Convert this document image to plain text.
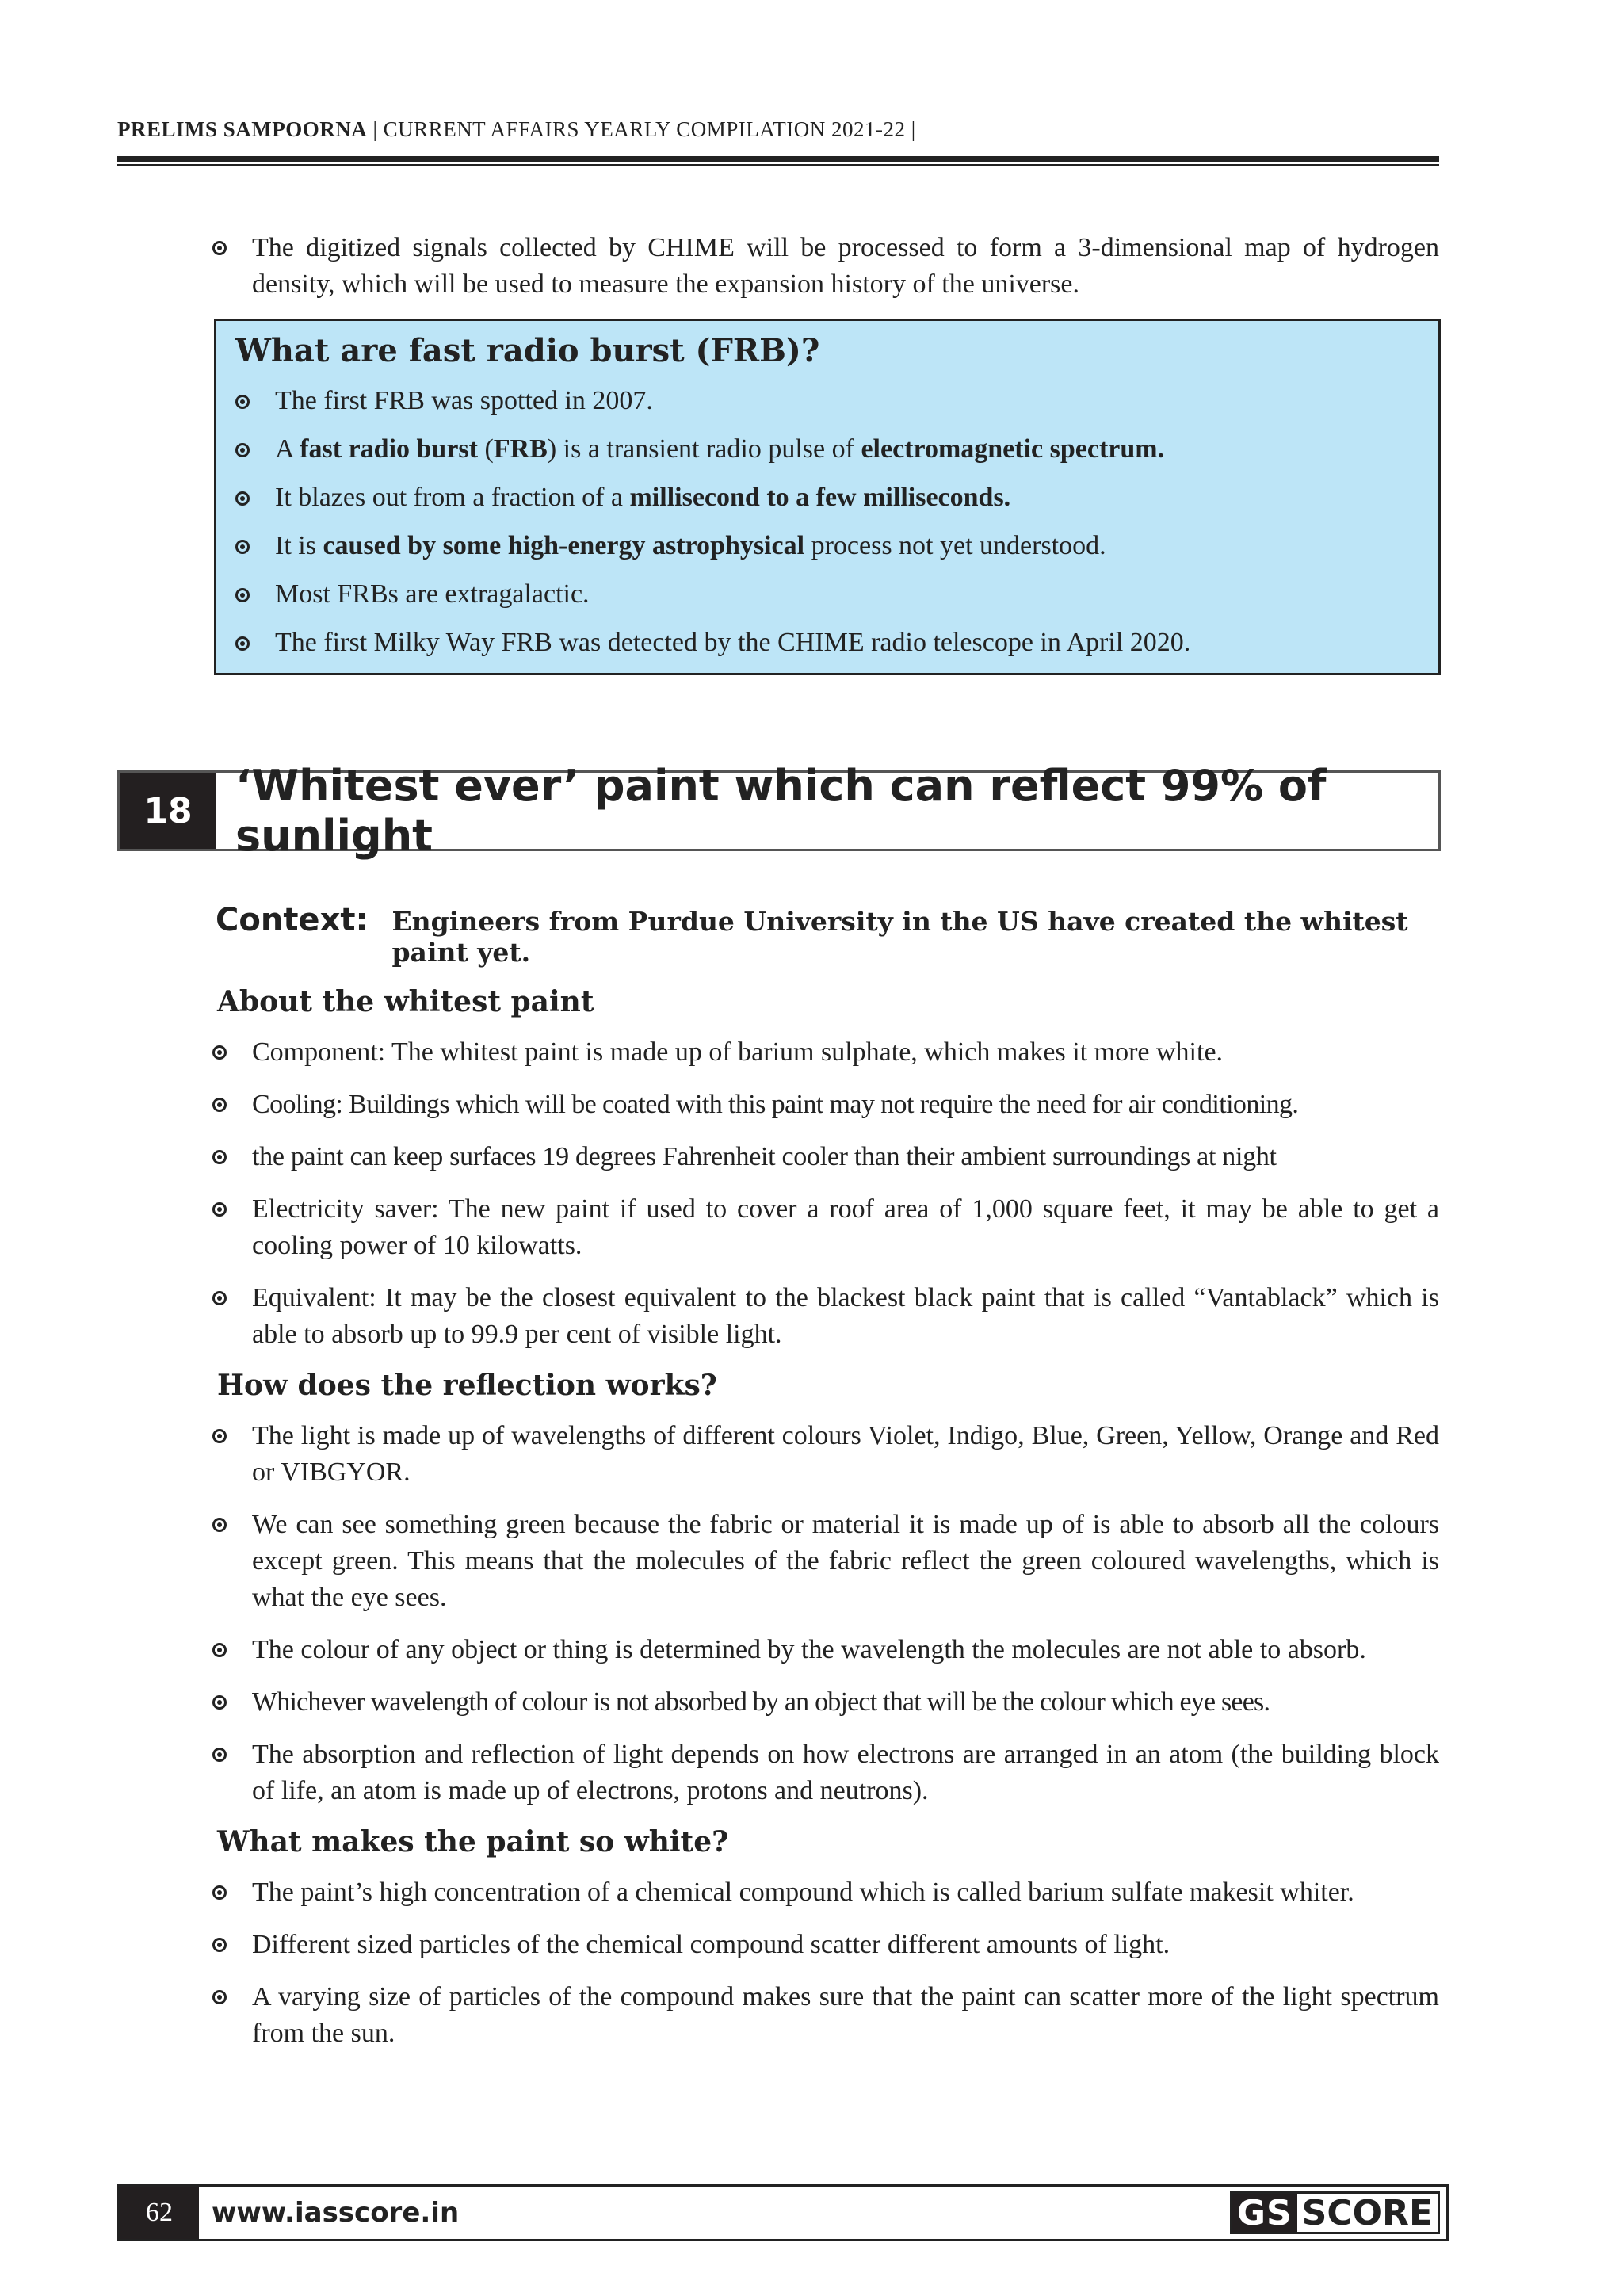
PRELIMS SAMPOORNA | CURRENT AFFAIRS YEARLY COMPILATION 2021-22 |
The digitized signals collected by CHIME will be processed to form a 3-dimensional map of hydrogen density, which will be used to measure the expansion history of the universe.
What are fast radio burst (FRB)?
The first FRB was spotted in 2007.
A fast radio burst (FRB) is a transient radio pulse of electromagnetic spectrum.
It blazes out from a fraction of a millisecond to a few milliseconds.
It is caused by some high-energy astrophysical process not yet understood.
Most FRBs are extragalactic.
The first Milky Way FRB was detected by the CHIME radio telescope in April 2020.
18	‘Whitest ever’ paint which can reflect 99% of sunlight
Context: Engineers from Purdue University in the US have created the whitest paint yet.
About the whitest paint
Component: The whitest paint is made up of barium sulphate, which makes it more white.
Cooling: Buildings which will be coated with this paint may not require the need for air conditioning.
the paint can keep surfaces 19 degrees Fahrenheit cooler than their ambient surroundings at night
Electricity saver: The new paint if used to cover a roof area of 1,000 square feet, it may be able to get a cooling power of 10 kilowatts.
Equivalent: It may be the closest equivalent to the blackest black paint that is called “Vantablack” which is able to absorb up to 99.9 per cent of visible light.
How does the reflection works?
The light is made up of wavelengths of different colours Violet, Indigo, Blue, Green, Yellow, Orange and Red or VIBGYOR.
We can see something green because the fabric or material it is made up of is able to absorb all the colours except green. This means that the molecules of the fabric reflect the green coloured wavelengths, which is what the eye sees.
The colour of any object or thing is determined by the wavelength the molecules are not able to absorb.
Whichever wavelength of colour is not absorbed by an object that will be the colour which eye sees.
The absorption and reflection of light depends on how electrons are arranged in an atom (the building block of life, an atom is made up of electrons, protons and neutrons).
What makes the paint so white?
The paint’s high concentration of a chemical compound which is called barium sulfate makesit whiter.
Different sized particles of the chemical compound scatter different amounts of light.
A varying size of particles of the compound makes sure that the paint can scatter more of the light spectrum from the sun.
62	www.iasscore.in	GS SCORE
